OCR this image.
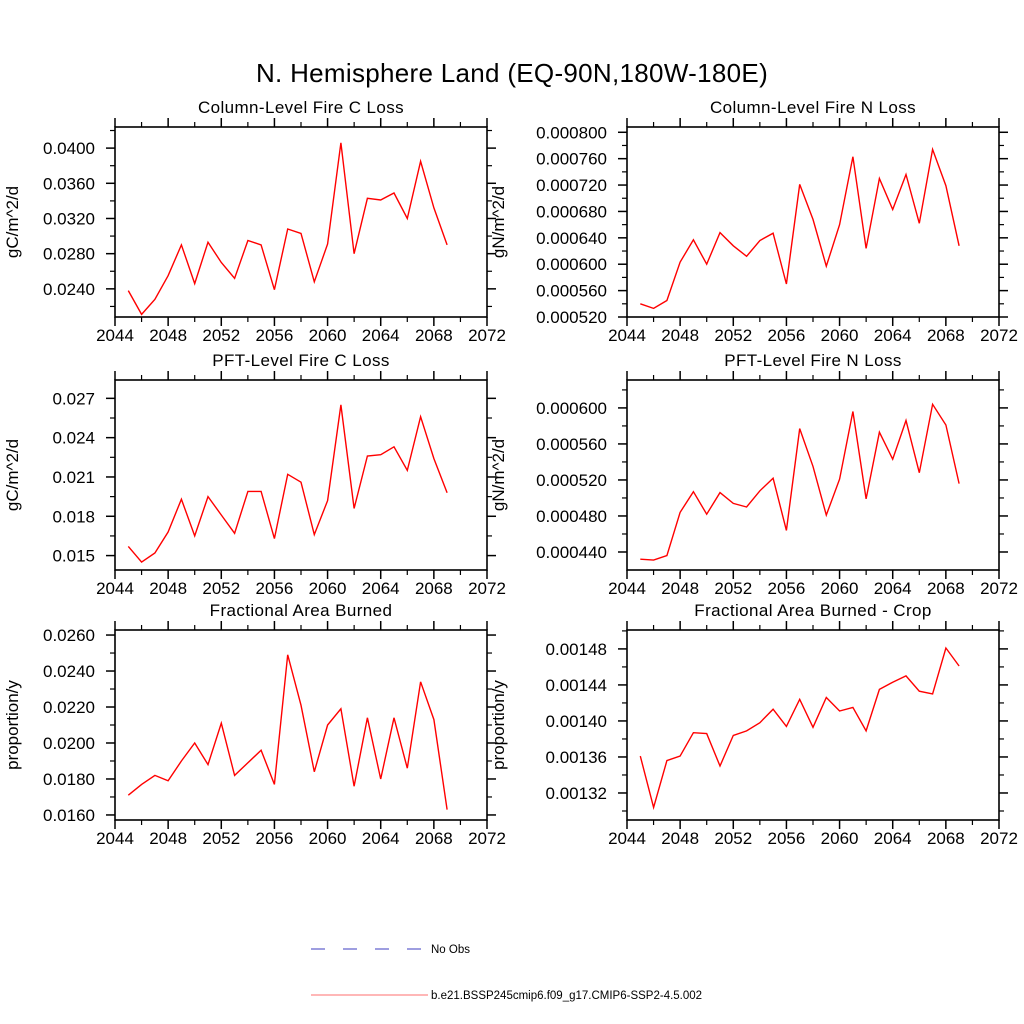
N. Hemisphere Land (EQ-90N,180W-180E)
Column-Level Fire C Loss
gC/m^2/d
2044 2048 2052 2056 2060 2064 2068 2072
0.0240
0.0280
0.0320
0.0360
0.0400
Column-Level Fire N Loss
gN/m^2/d
2044 2048 2052 2056 2060 2064 2068 2072
0.000520
0.000560
0.000600
0.000640
0.000680
0.000720
0.000760
0.000800
PFT-Level Fire C Loss
gC/m^2/d
2044 2048 2052 2056 2060 2064 2068 2072
0.015
0.018
0.021
0.024
0.027
PFT-Level Fire N Loss
gN/m^2/d
2044 2048 2052 2056 2060 2064 2068 2072
0.000440
0.000480
0.000520
0.000560
0.000600
Fractional Area Burned
proportion/y
2044 2048 2052 2056 2060 2064 2068 2072
0.0160
0.0180
0.0200
0.0220
0.0240
0.0260
Fractional Area Burned - Crop
proportion/y
2044 2048 2052 2056 2060 2064 2068 2072
0.00132
0.00136
0.00140
0.00144
0.00148
No Obs
b.e21.BSSP245cmip6.f09_g17.CMIP6-SSP2-4.5.002
